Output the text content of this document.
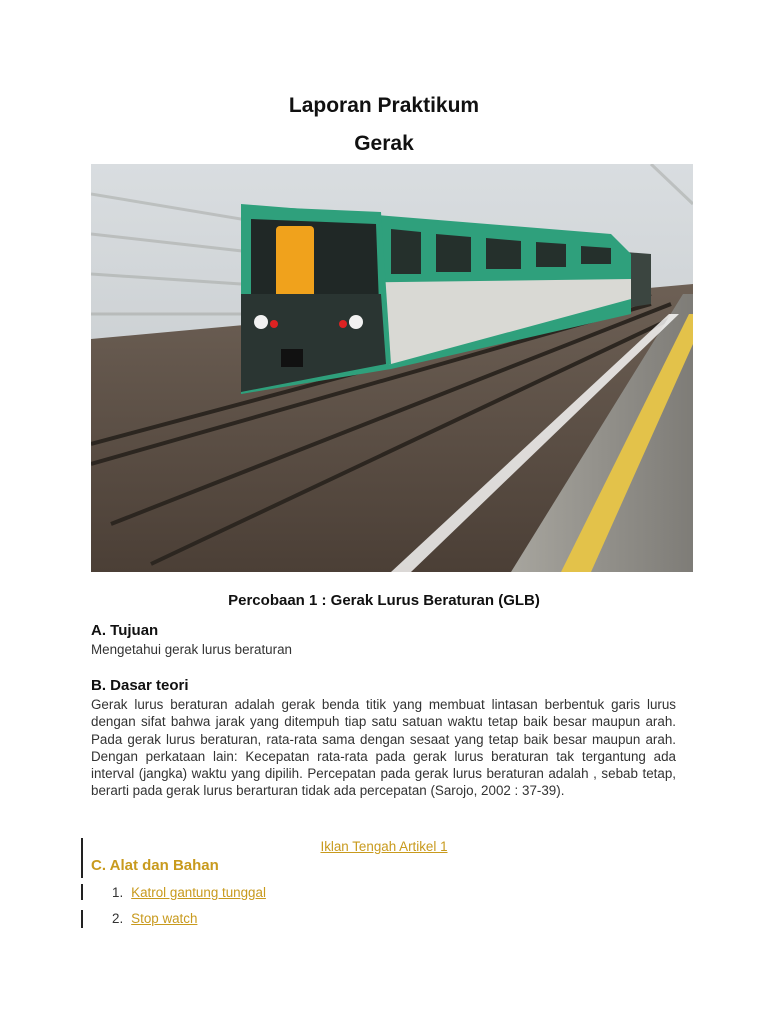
Laporan Praktikum
Gerak
Percobaan 1 : Gerak Lurus Beraturan (GLB)
A. Tujuan
Mengetahui gerak lurus beraturan
B. Dasar teori
Gerak lurus beraturan adalah gerak benda titik yang membuat lintasan berbentuk garis lurus dengan sifat bahwa jarak yang ditempuh tiap satu satuan waktu tetap baik besar maupun arah. Pada gerak lurus beraturan, rata-rata sama dengan sesaat yang tetap baik besar maupun arah. Dengan perkataan lain: Kecepatan rata-rata pada gerak lurus beraturan tak tergantung ada interval (jangka) waktu yang dipilih. Percepatan pada gerak lurus beraturan adalah , sebab tetap, berarti pada gerak lurus berarturan tidak ada percepatan (Sarojo, 2002 : 37-39).
Iklan Tengah Artikel 1
C. Alat dan Bahan
1. Katrol gantung tunggal
2. Stop watch
